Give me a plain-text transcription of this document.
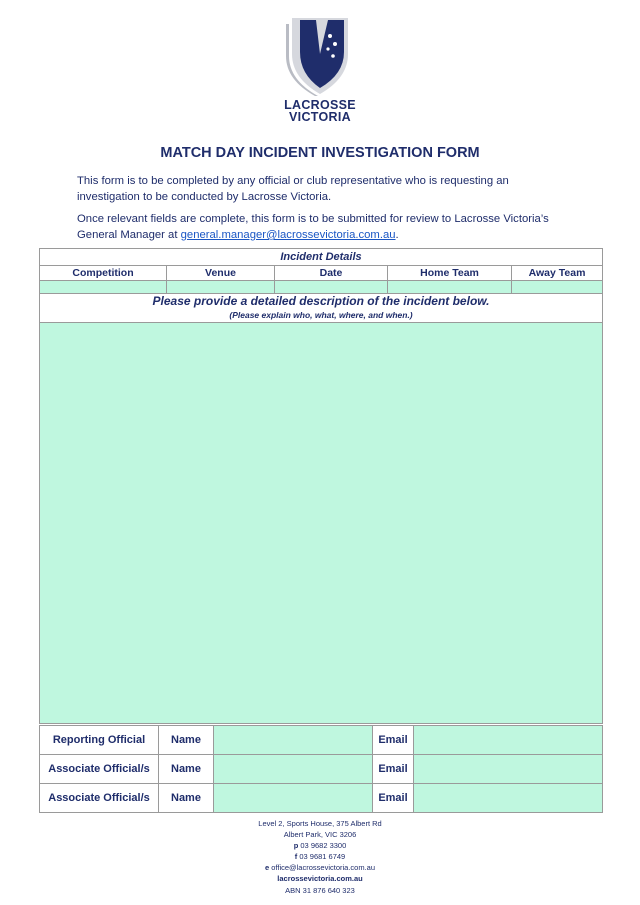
LACROSSE
VICTORIA
MATCH DAY INCIDENT INVESTIGATION FORM
This form is to be completed by any official or club representative who is requesting an investigation to be conducted by Lacrosse Victoria.
Once relevant fields are complete, this form is to be submitted for review to Lacrosse Victoria’s General Manager at general.manager@lacrossevictoria.com.au.
Incident Details				
Competition	Venue	Date	Home Team	Away Team

Please provide a detailed description of the incident below.
(Please explain who, what, where, and when.)				

Reporting Official	Name		Email	
Associate Official/s	Name		Email	
Associate Official/s	Name		Email	
Level 2, Sports House, 375 Albert Rd
Albert Park, VIC 3206
p 03 9682 3300
f 03 9681 6749
e office@lacrossevictoria.com.au
lacrossevictoria.com.au
ABN 31 876 640 323
